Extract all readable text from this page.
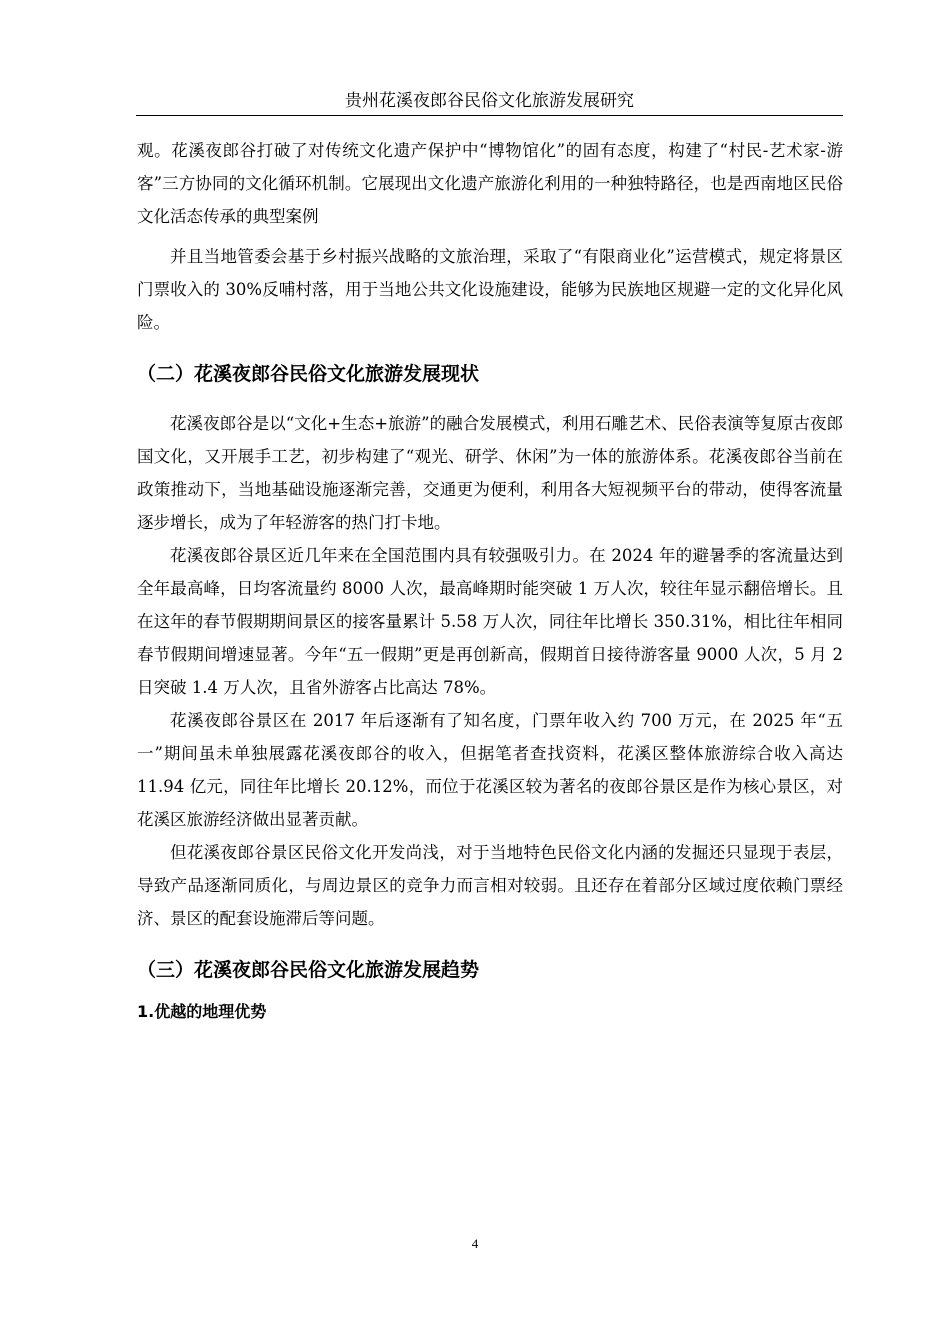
贵州花溪夜郎谷民俗文化旅游发展研究

观。花溪夜郎谷打破了对传统文化遗产保护中“博物馆化”的固有态度，构建了“村民-艺术家-游客”三方协同的文化循环机制。它展现出文化遗产旅游化利用的一种独特路径，也是西南地区民俗文化活态传承的典型案例

并且当地管委会基于乡村振兴战略的文旅治理，采取了“有限商业化”运营模式，规定将景区门票收入的 30%反哺村落，用于当地公共文化设施建设，能够为民族地区规避一定的文化异化风险。

（二）花溪夜郎谷民俗文化旅游发展现状

花溪夜郎谷是以“文化+生态+旅游”的融合发展模式，利用石雕艺术、民俗表演等复原古夜郎国文化，又开展手工艺，初步构建了“观光、研学、休闲”为一体的旅游体系。花溪夜郎谷当前在政策推动下，当地基础设施逐渐完善，交通更为便利，利用各大短视频平台的带动，使得客流量逐步增长，成为了年轻游客的热门打卡地。

花溪夜郎谷景区近几年来在全国范围内具有较强吸引力。在 2024 年的避暑季的客流量达到全年最高峰，日均客流量约 8000 人次，最高峰期时能突破 1 万人次，较往年显示翻倍增长。且在这年的春节假期期间景区的接客量累计 5.58 万人次，同往年比增长 350.31%，相比往年相同春节假期间增速显著。今年“五一假期”更是再创新高，假期首日接待游客量 9000 人次，5 月 2 日突破 1.4 万人次，且省外游客占比高达 78%。

花溪夜郎谷景区在 2017 年后逐渐有了知名度，门票年收入约 700 万元，在 2025 年“五一”期间虽未单独展露花溪夜郎谷的收入，但据笔者查找资料，花溪区整体旅游综合收入高达 11.94 亿元，同往年比增长 20.12%，而位于花溪区较为著名的夜郎谷景区是作为核心景区，对花溪区旅游经济做出显著贡献。

但花溪夜郎谷景区民俗文化开发尚浅，对于当地特色民俗文化内涵的发掘还只显现于表层，导致产品逐渐同质化，与周边景区的竞争力而言相对较弱。且还存在着部分区域过度依赖门票经济、景区的配套设施滞后等问题。

（三）花溪夜郎谷民俗文化旅游发展趋势
1.优越的地理优势
4
